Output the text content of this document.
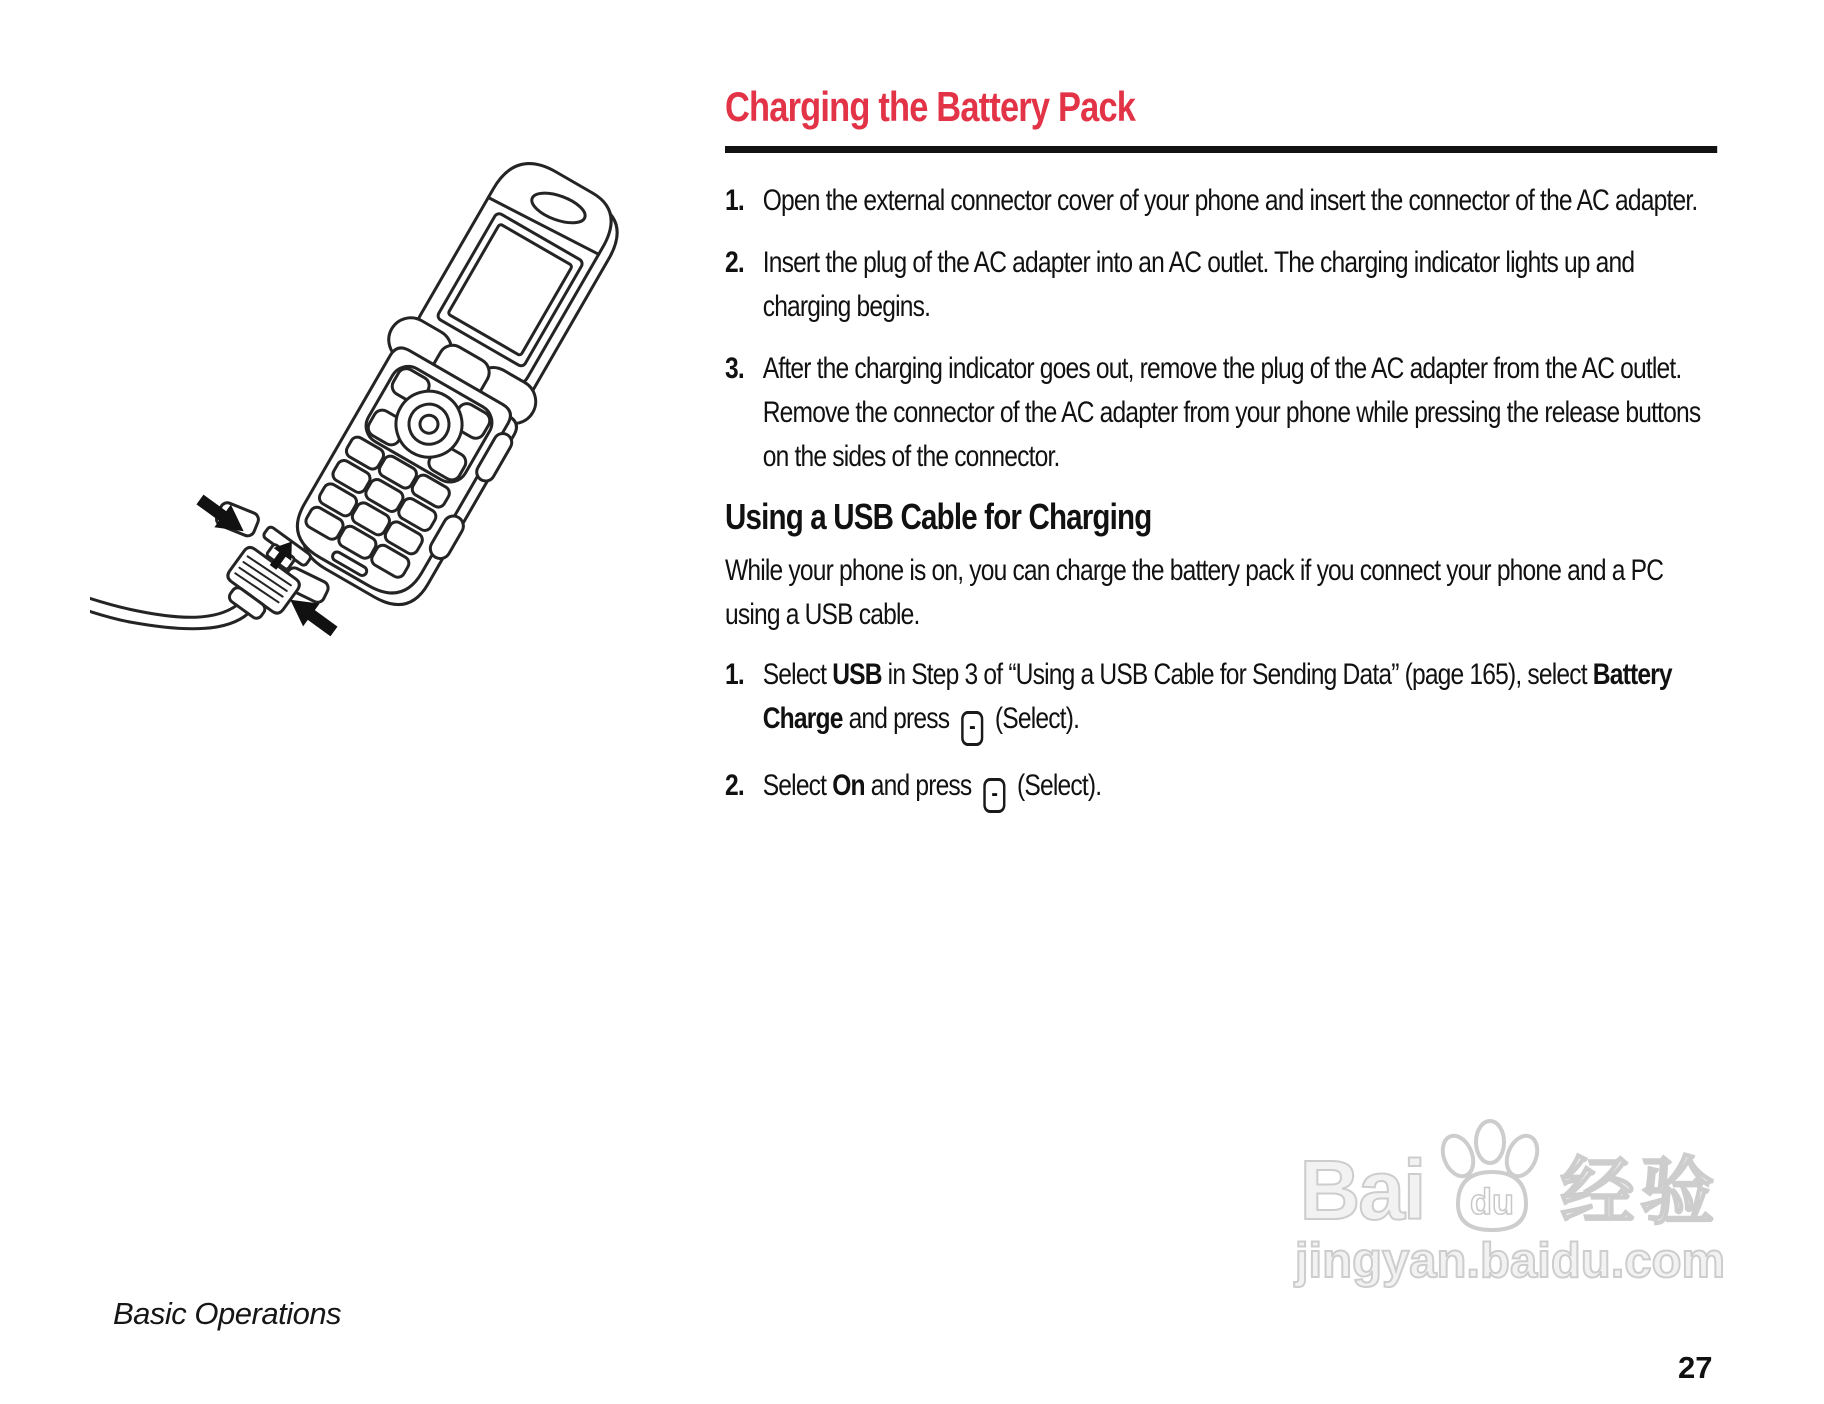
Charging the Battery Pack
1. Open the external connector cover of your phone and insert the connector of the AC adapter.
2. Insert the plug of the AC adapter into an AC outlet. The charging indicator lights up and charging begins.
3. After the charging indicator goes out, remove the plug of the AC adapter from the AC outlet. Remove the connector of the AC adapter from your phone while pressing the release buttons on the sides of the connector.
Using a USB Cable for Charging

While your phone is on, you can charge the battery pack if you connect your phone and a PC using a USB cable.

1. Select USB in Step 3 of “Using a USB Cable for Sending Data” (page 165), select Battery Charge and press - (Select).
2. Select On and press - (Select).
Basic Operations
27
Bai du 经验
jingyan.baidu.com
